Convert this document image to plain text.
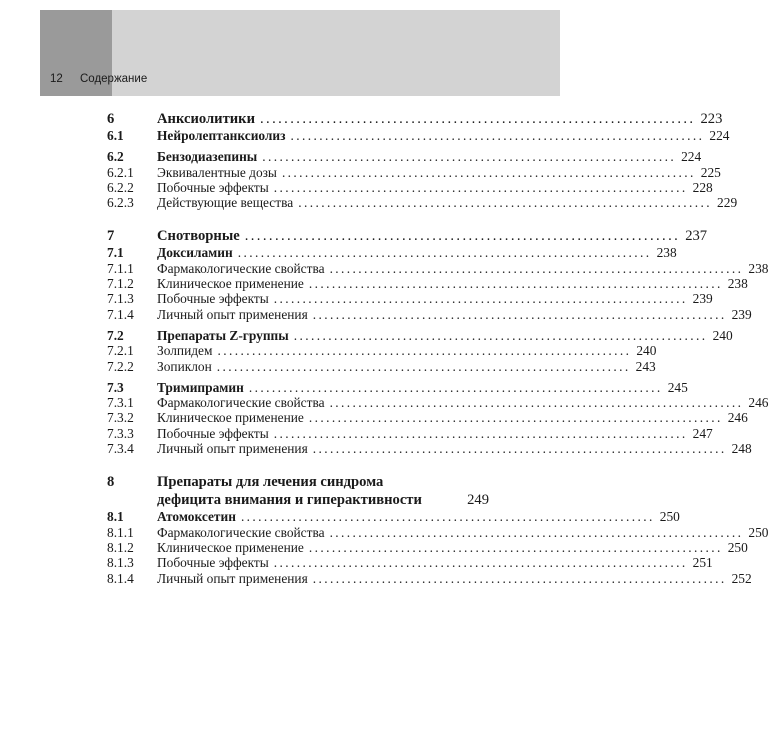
12 Содержание
6	Анксиолитики ........................................................................ 223
6.1 Нейролептанксиолиз ........................................................................ 224
6.2 Бензодиазепины ........................................................................ 224
6.2.1 Эквивалентные дозы ........................................................................ 225
6.2.2 Побочные эффекты ........................................................................ 228
6.2.3 Действующие вещества ........................................................................ 229
7	Снотворные ........................................................................ 237
7.1 Доксиламин ........................................................................ 238
7.1.1 Фармакологические свойства ........................................................................ 238
7.1.2 Клиническое применение ........................................................................ 238
7.1.3 Побочные эффекты ........................................................................ 239
7.1.4 Личный опыт применения ........................................................................ 239
7.2 Препараты Z-группы ........................................................................ 240
7.2.1 Золпидем ........................................................................ 240
7.2.2 Зопиклон ........................................................................ 243
7.3 Тримипрамин ........................................................................ 245
7.3.1 Фармакологические свойства ........................................................................ 246
7.3.2 Клиническое применение ........................................................................ 246
7.3.3 Побочные эффекты ........................................................................ 247
7.3.4 Личный опыт применения ........................................................................ 248
8	Препараты для лечения синдрома
дефицита внимания и гиперактивности	249
8.1 Атомоксетин ........................................................................ 250
8.1.1 Фармакологические свойства ........................................................................ 250
8.1.2 Клиническое применение ........................................................................ 250
8.1.3 Побочные эффекты ........................................................................ 251
8.1.4 Личный опыт применения ........................................................................ 252
